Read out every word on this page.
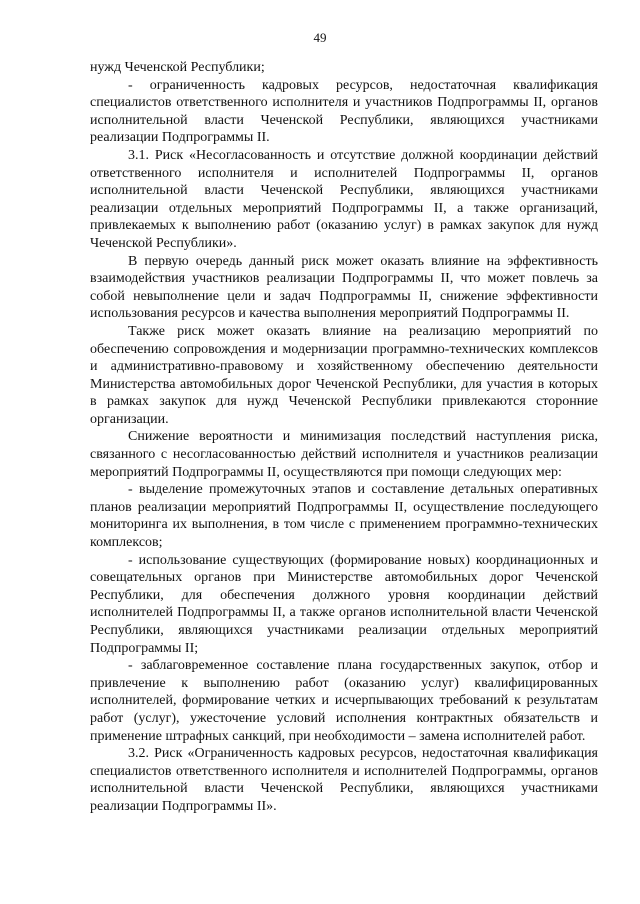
49

нужд Чеченской Республики;

- ограниченность кадровых ресурсов, недостаточная квалификация специалистов ответственного исполнителя и участников Подпрограммы II, органов исполнительной власти Чеченской Республики, являющихся участниками реализации Подпрограммы II.

3.1. Риск «Несогласованность и отсутствие должной координации действий ответственного исполнителя и исполнителей Подпрограммы II, органов исполнительной власти Чеченской Республики, являющихся участниками реализации отдельных мероприятий Подпрограммы II, а также организаций, привлекаемых к выполнению работ (оказанию услуг) в рамках закупок для нужд Чеченской Республики».

В первую очередь данный риск может оказать влияние на эффективность взаимодействия участников реализации Подпрограммы II, что может повлечь за собой невыполнение цели и задач Подпрограммы II, снижение эффективности использования ресурсов и качества выполнения мероприятий Подпрограммы II.

Также риск может оказать влияние на реализацию мероприятий по обеспечению сопровождения и модернизации программно-технических комплексов и административно-правовому и хозяйственному обеспечению деятельности Министерства автомобильных дорог Чеченской Республики, для участия в которых в рамках закупок для нужд Чеченской Республики привлекаются сторонние организации.

Снижение вероятности и минимизация последствий наступления риска, связанного с несогласованностью действий исполнителя и участников реализации мероприятий Подпрограммы II, осуществляются при помощи следующих мер:

- выделение промежуточных этапов и составление детальных оперативных планов реализации мероприятий Подпрограммы II, осуществление последующего мониторинга их выполнения, в том числе с применением программно-технических комплексов;

- использование существующих (формирование новых) координационных и совещательных органов при Министерстве автомобильных дорог Чеченской Республики, для обеспечения должного уровня координации действий исполнителей Подпрограммы II, а также органов исполнительной власти Чеченской Республики, являющихся участниками реализации отдельных мероприятий Подпрограммы II;

- заблаговременное составление плана государственных закупок, отбор и привлечение к выполнению работ (оказанию услуг) квалифицированных исполнителей, формирование четких и исчерпывающих требований к результатам работ (услуг), ужесточение условий исполнения контрактных обязательств и применение штрафных санкций, при необходимости – замена исполнителей работ.

3.2. Риск «Ограниченность кадровых ресурсов, недостаточная квалификация специалистов ответственного исполнителя и исполнителей Подпрограммы, органов исполнительной власти Чеченской Республики, являющихся участниками реализации Подпрограммы II».
